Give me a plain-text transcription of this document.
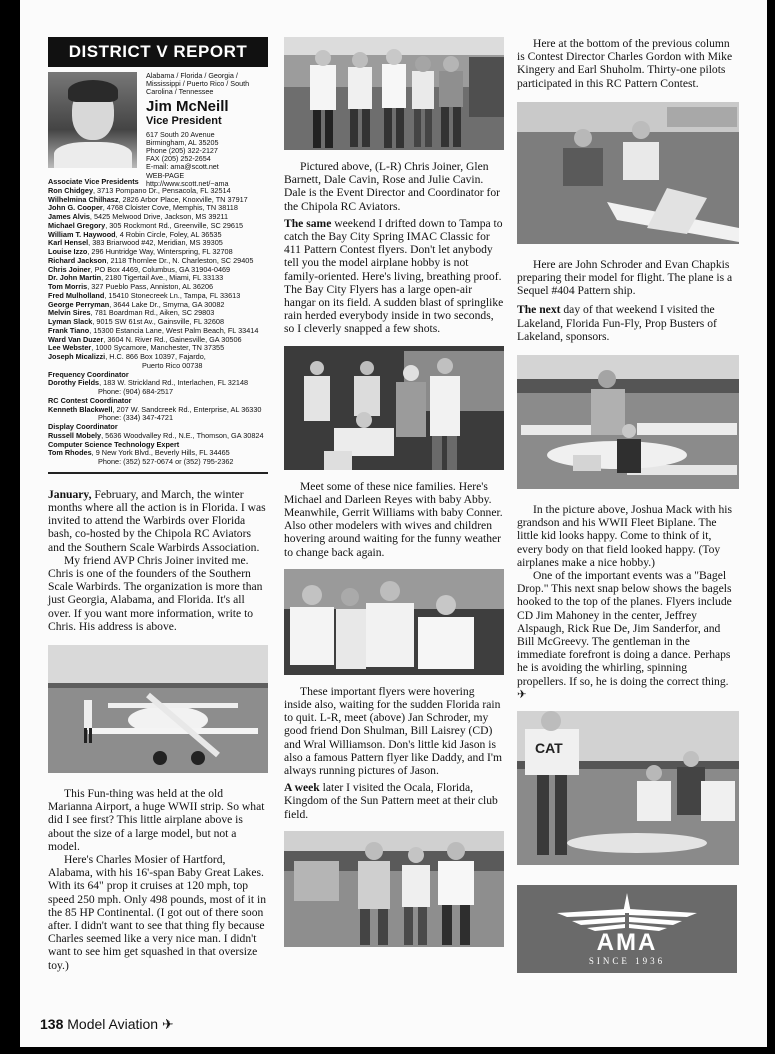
DISTRICT V REPORT
Alabama / Florida / Georgia / Mississippi / Puerto Rico / South Carolina / Tennessee
Jim McNeill
Vice President
617 South 20 Avenue
Birmingham, AL 35205
Phone (205) 322-2127
FAX (205) 252-2654
E-mail: ama@scott.net
WEB-PAGE
http://www.scott.net/~ama
Associate Vice Presidents
Ron Chidgey, 3713 Pompano Dr., Pensacola, FL 32514
Wilhelmina Chilhasz, 2826 Arbor Place, Knoxville, TN 37917
John G. Cooper, 4768 Cloister Cove, Memphis, TN 38118
James Alvis, 5425 Melwood Drive, Jackson, MS 39211
Michael Gregory, 305 Rockmont Rd., Greenville, SC 29615
William T. Haywood, 4 Robin Circle, Foley, AL 36535
Karl Hensel, 383 Briarwood #42, Meridian, MS 39305
Louise Izzo, 296 Huntridge Way, Winterspring, FL 32708
Richard Jackson, 2118 Thornlee Dr., N. Charleston, SC 29405
Chris Joiner, PO Box 4469, Columbus, GA 31904-0469
Dr. John Martin, 2180 Tigertail Ave., Miami, FL 33133
Tom Morris, 327 Pueblo Pass, Anniston, AL 36206
Fred Mulholland, 15410 Stonecreek Ln., Tampa, FL 33613
George Perryman, 3644 Lake Dr., Smyrna, GA 30082
Melvin Sires, 781 Boardman Rd., Aiken, SC 29803
Lyman Slack, 9015 SW 61st Av., Gainsville, FL 32608
Frank Tiano, 15300 Estancia Lane, West Palm Beach, FL 33414
Ward Van Duzer, 3604 N. River Rd., Gainesville, GA 30506
Lee Webster, 1000 Sycamore, Manchester, TN 37355
Joseph Micalizzi, H.C. 866 Box 10397, Fajardo,
Puerto Rico 00738
Frequency Coordinator
Dorothy Fields, 183 W. Strickland Rd., Interlachen, FL 32148
Phone: (904) 684-2517
RC Contest Coordinator
Kenneth Blackwell, 207 W. Sandcreek Rd., Enterprise, AL 36330
Phone: (334) 347-4721
Display Coordinator
Russell Mobely, 5636 Woodvalley Rd., N.E., Thomson, GA 30824
Computer Science Technology Expert
Tom Rhodes, 9 New York Blvd., Beverly Hills, FL 34465
Phone: (352) 527-0674 or (352) 795-2362

January, February, and March, the winter months where all the action is in Florida. I was invited to attend the Warbirds over Florida bash, co-hosted by the Chipola RC Aviators and the Southern Scale Warbirds Association.

My friend AVP Chris Joiner invited me. Chris is one of the founders of the Southern Scale Warbirds. The organization is more than just Georgia, Alabama, and Florida. It's all over. If you want more information, write to Chris. His address is above.

This Fun-thing was held at the old Marianna Airport, a huge WWII strip. So what did I see first? This little airplane above is about the size of a large model, but not a model.

Here's Charles Mosier of Hartford, Alabama, with his 16'-span Baby Great Lakes. With its 64" prop it cruises at 120 mph, top speed 250 mph. Only 498 pounds, most of it in the 85 HP Continental. (I got out of there soon after. I didn't want to see that thing fly because Charles seemed like a very nice man. I didn't want to see him get squashed in that oversize toy.)

Pictured above, (L-R) Chris Joiner, Glen Barnett, Dale Cavin, Rose and Julie Cavin. Dale is the Event Director and Coordinator for the Chipola RC Aviators.

The same weekend I drifted down to Tampa to catch the Bay City Spring IMAC Classic for 411 Pattern Contest flyers. Don't let anybody tell you the model airplane hobby is not family-oriented. Here's living, breathing proof. The Bay City Flyers has a large open-air hangar on its field. A sudden blast of springlike rain herded everybody inside in two seconds, so I cleverly snapped a few shots.

Meet some of these nice families. Here's Michael and Darleen Reyes with baby Abby. Meanwhile, Gerrit Williams with baby Conner. Also other modelers with wives and children hovering around waiting for the funny weather to change back again.

These important flyers were hovering inside also, waiting for the sudden Florida rain to quit. L-R, meet (above) Jan Schroder, my good friend Don Shulman, Bill Laisrey (CD) and Wral Williamson. Don's little kid Jason is also a famous Pattern flyer like Daddy, and I'm always running pictures of Jason.

A week later I visited the Ocala, Florida, Kingdom of the Sun Pattern meet at their club field.

Here at the bottom of the previous column is Contest Director Charles Gordon with Mike Kingery and Earl Shuholm. Thirty-one pilots participated in this RC Pattern Contest.

Here are John Schroder and Evan Chapkis preparing their model for flight. The plane is a Sequel #404 Pattern ship.

The next day of that weekend I visited the Lakeland, Florida Fun-Fly, Prop Busters of Lakeland, sponsors.

In the picture above, Joshua Mack with his grandson and his WWII Fleet Biplane. The little kid looks happy. Come to think of it, every body on that field looked happy. (Toy airplanes make a nice hobby.)

One of the important events was a "Bagel Drop." This next snap below shows the bagels hooked to the top of the planes. Flyers include CD Jim Mahoney in the center, Jeffrey Alspaugh, Rick Rue De, Jim Sanderfor, and Bill McGreevy. The gentleman in the immediate forefront is doing a dance. Perhaps he is avoiding the whirling, spinning propellers. If so, he is doing the correct thing. ✈

CAT
AMA
SINCE 1936
138 Model Aviation ✈
